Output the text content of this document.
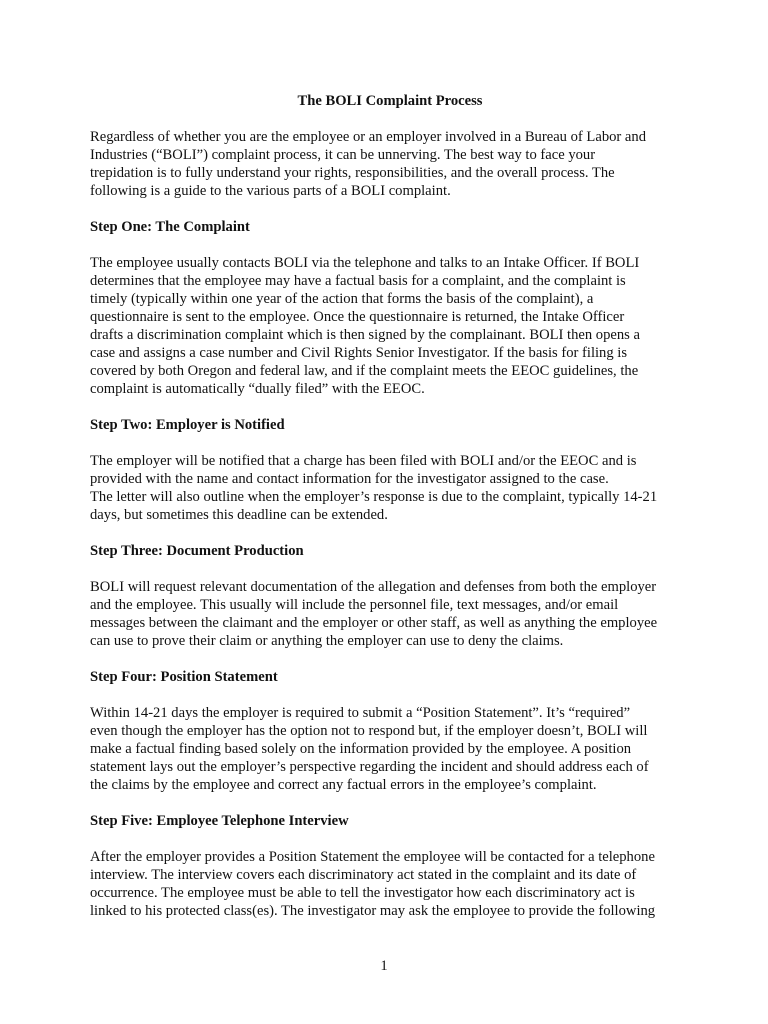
The BOLI Complaint Process
Regardless of whether you are the employee or an employer involved in a Bureau of Labor and
Industries (“BOLI”) complaint process, it can be unnerving. The best way to face your
trepidation is to fully understand your rights, responsibilities, and the overall process. The
following is a guide to the various parts of a BOLI complaint.
Step One: The Complaint
The employee usually contacts BOLI via the telephone and talks to an Intake Officer. If BOLI
determines that the employee may have a factual basis for a complaint, and the complaint is
timely (typically within one year of the action that forms the basis of the complaint), a
questionnaire is sent to the employee. Once the questionnaire is returned, the Intake Officer
drafts a discrimination complaint which is then signed by the complainant. BOLI then opens a
case and assigns a case number and Civil Rights Senior Investigator. If the basis for filing is
covered by both Oregon and federal law, and if the complaint meets the EEOC guidelines, the
complaint is automatically “dually filed” with the EEOC.
Step Two: Employer is Notified
The employer will be notified that a charge has been filed with BOLI and/or the EEOC and is
provided with the name and contact information for the investigator assigned to the case.
The letter will also outline when the employer’s response is due to the complaint, typically 14-21
days, but sometimes this deadline can be extended.
Step Three: Document Production
BOLI will request relevant documentation of the allegation and defenses from both the employer
and the employee. This usually will include the personnel file, text messages, and/or email
messages between the claimant and the employer or other staff, as well as anything the employee
can use to prove their claim or anything the employer can use to deny the claims.
Step Four: Position Statement
Within 14-21 days the employer is required to submit a “Position Statement”. It’s “required”
even though the employer has the option not to respond but, if the employer doesn’t, BOLI will
make a factual finding based solely on the information provided by the employee. A position
statement lays out the employer’s perspective regarding the incident and should address each of
the claims by the employee and correct any factual errors in the employee’s complaint.
Step Five: Employee Telephone Interview
After the employer provides a Position Statement the employee will be contacted for a telephone
interview. The interview covers each discriminatory act stated in the complaint and its date of
occurrence. The employee must be able to tell the investigator how each discriminatory act is
linked to his protected class(es). The investigator may ask the employee to provide the following
1
